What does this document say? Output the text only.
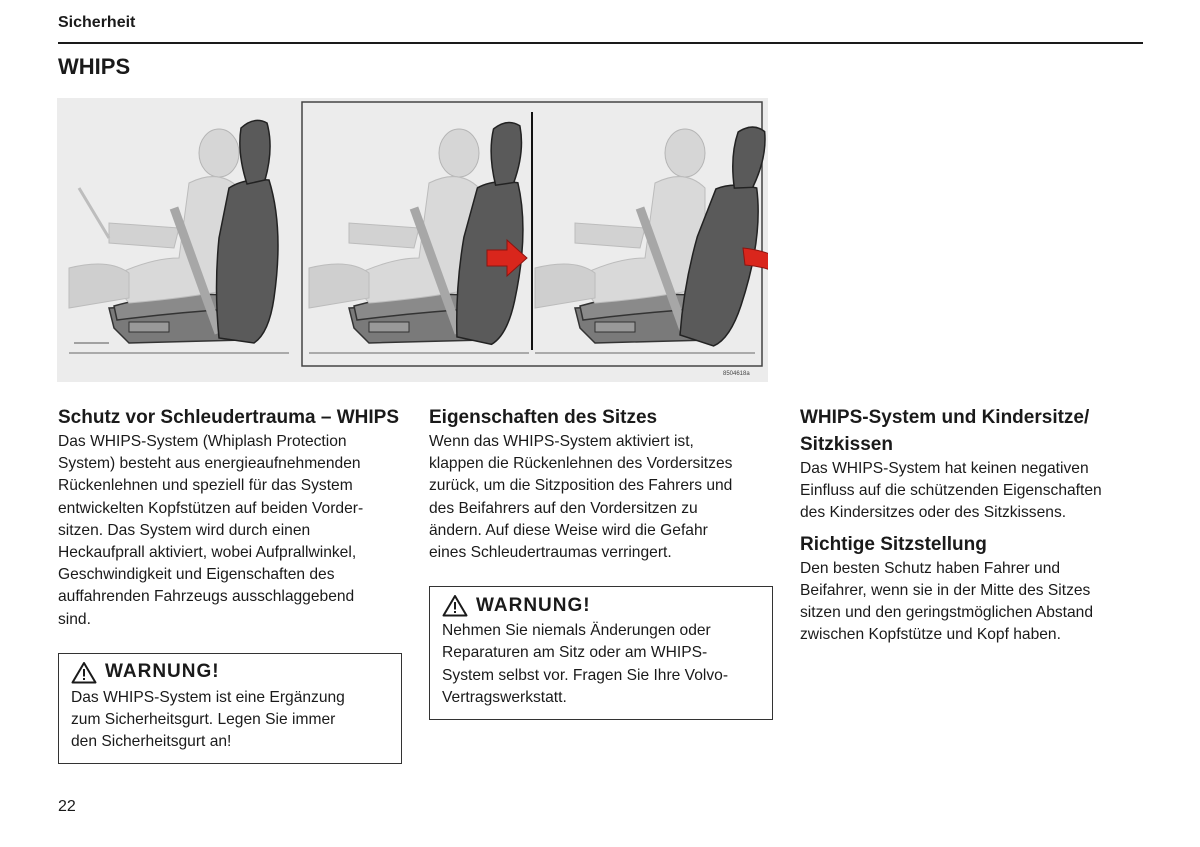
Sicherheit
WHIPS
8504618a
Schutz vor Schleudertrauma – WHIPS

Das WHIPS-System (Whiplash Protection
System) besteht aus energieaufnehmenden
Rückenlehnen und speziell für das System
entwickelten Kopfstützen auf beiden Vorder-
sitzen. Das System wird durch einen
Heckaufprall aktiviert, wobei Aufprallwinkel,
Geschwindigkeit und Eigenschaften des
auffahrenden Fahrzeugs ausschlaggebend
sind.

WARNUNG!

Das WHIPS-System ist eine Ergänzung
zum Sicherheitsgurt. Legen Sie immer
den Sicherheitsgurt an!

Eigenschaften des Sitzes

Wenn das WHIPS-System aktiviert ist,
klappen die Rückenlehnen des Vordersitzes
zurück, um die Sitzposition des Fahrers und
des Beifahrers auf den Vordersitzen zu
ändern. Auf diese Weise wird die Gefahr
eines Schleudertraumas verringert.

WARNUNG!

Nehmen Sie niemals Änderungen oder
Reparaturen am Sitz oder am WHIPS-
System selbst vor. Fragen Sie Ihre Volvo-
Vertragswerkstatt.

WHIPS-System und Kindersitze/ Sitzkissen

Das WHIPS-System hat keinen negativen
Einfluss auf die schützenden Eigenschaften
des Kindersitzes oder des Sitzkissens.

Richtige Sitzstellung

Den besten Schutz haben Fahrer und
Beifahrer, wenn sie in der Mitte des Sitzes
sitzen und den geringstmöglichen Abstand
zwischen Kopfstütze und Kopf haben.

22
